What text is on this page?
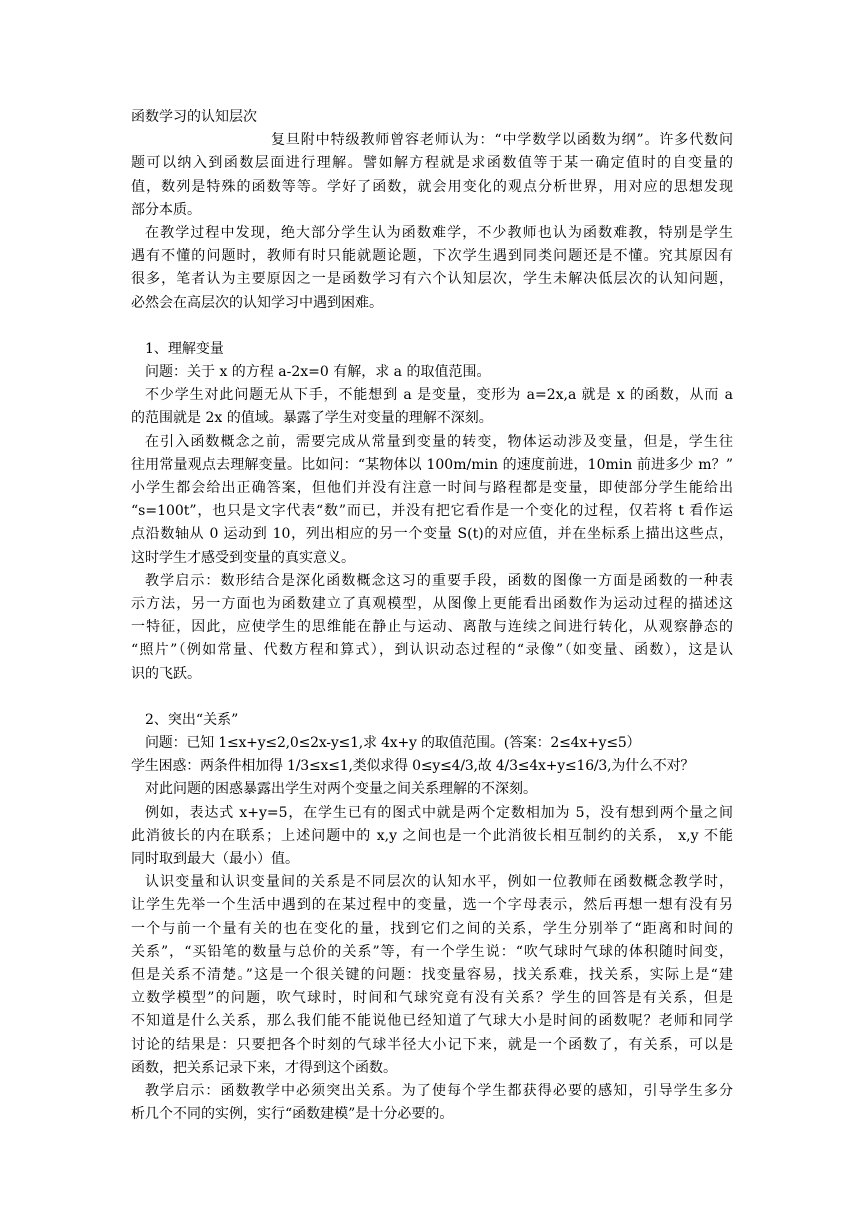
函数学习的认知层次
复旦附中特级教师曾容老师认为：“中学数学以函数为纲”。许多代数问
题可以纳入到函数层面进行理解。譬如解方程就是求函数值等于某一确定值时的自变量的
值，数列是特殊的函数等等。学好了函数，就会用变化的观点分析世界，用对应的思想发现
部分本质。
在教学过程中发现，绝大部分学生认为函数难学，不少教师也认为函数难教，特别是学生
遇有不懂的问题时，教师有时只能就题论题，下次学生遇到同类问题还是不懂。究其原因有
很多，笔者认为主要原因之一是函数学习有六个认知层次，学生未解决低层次的认知问题，
必然会在高层次的认知学习中遇到困难。
1、理解变量
问题：关于 x 的方程 a-2x=0 有解，求 a 的取值范围。
不少学生对此问题无从下手，不能想到 a 是变量，变形为 a=2x,a 就是 x 的函数，从而 a
的范围就是 2x 的值域。暴露了学生对变量的理解不深刻。
在引入函数概念之前，需要完成从常量到变量的转变，物体运动涉及变量，但是，学生往
往用常量观点去理解变量。比如问：“某物体以 100m/min 的速度前进，10min 前进多少 m？”
小学生都会给出正确答案，但他们并没有注意一时间与路程都是变量，即使部分学生能给出
“s=100t”，也只是文字代表“数”而已，并没有把它看作是一个变化的过程，仅若将 t 看作运
点沿数轴从 0 运动到 10，列出相应的另一个变量 S(t)的对应值，并在坐标系上描出这些点，
这时学生才感受到变量的真实意义。
教学启示：数形结合是深化函数概念这习的重要手段，函数的图像一方面是函数的一种表
示方法，另一方面也为函数建立了真观模型，从图像上更能看出函数作为运动过程的描述这
一特征，因此，应使学生的思维能在静止与运动、离散与连续之间进行转化，从观察静态的
“照片”（例如常量、代数方程和算式），到认识动态过程的“录像”（如变量、函数），这是认
识的飞跃。
2、突出“关系”
问题：已知 1≤x+y≤2,0≤2x-y≤1,求 4x+y 的取值范围。(答案：2≤4x+y≤5）
学生困惑：两条件相加得 1/3≤x≤1,类似求得 0≤y≤4/3,故 4/3≤4x+y≤16/3,为什么不对？
对此问题的困惑暴露出学生对两个变量之间关系理解的不深刻。
例如，表达式 x+y=5，在学生已有的图式中就是两个定数相加为 5，没有想到两个量之间
此消彼长的内在联系；上述问题中的 x,y 之间也是一个此消彼长相互制约的关系， x,y 不能
同时取到最大（最小）值。
认识变量和认识变量间的关系是不同层次的认知水平，例如一位教师在函数概念教学时，
让学生先举一个生活中遇到的在某过程中的变量，选一个字母表示，然后再想一想有没有另
一个与前一个量有关的也在变化的量，找到它们之间的关系，学生分别举了“距离和时间的
关系”，“买铅笔的数量与总价的关系”等，有一个学生说：“吹气球时气球的体积随时间变，
但是关系不清楚。”这是一个很关键的问题：找变量容易，找关系难，找关系，实际上是“建
立数学模型”的问题，吹气球时，时间和气球究竟有没有关系？学生的回答是有关系，但是
不知道是什么关系，那么我们能不能说他已经知道了气球大小是时间的函数呢？老师和同学
讨论的结果是：只要把各个时刻的气球半径大小记下来，就是一个函数了，有关系，可以是
函数，把关系记录下来，才得到这个函数。
教学启示：函数教学中必须突出关系。为了使每个学生都获得必要的感知，引导学生多分
析几个不同的实例，实行“函数建模”是十分必要的。
